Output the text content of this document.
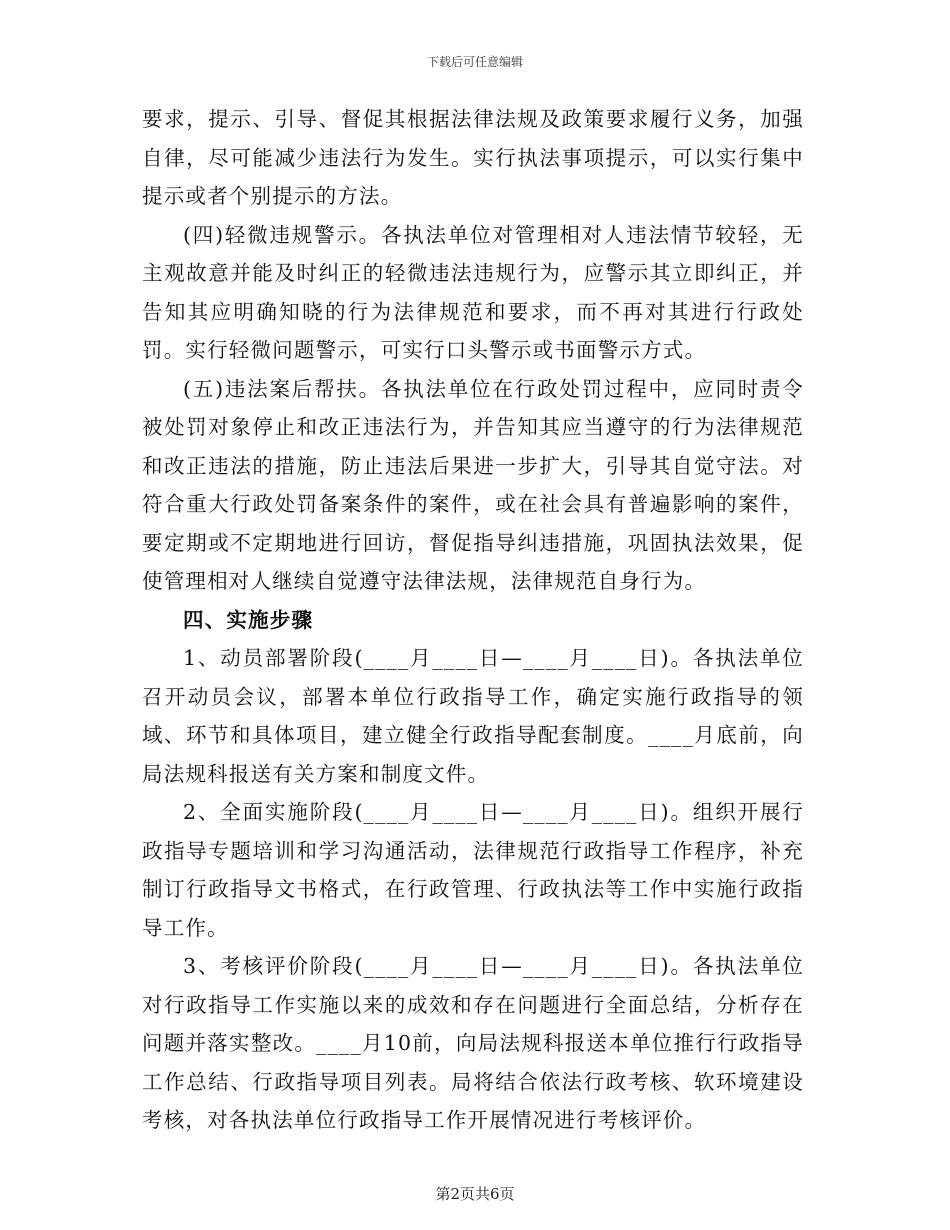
下载后可任意编辑

要求，提示、引导、督促其根据法律法规及政策要求履行义务，加强自律，尽可能减少违法行为发生。实行执法事项提示，可以实行集中提示或者个别提示的方法。

(四)轻微违规警示。各执法单位对管理相对人违法情节较轻，无主观故意并能及时纠正的轻微违法违规行为，应警示其立即纠正，并告知其应明确知晓的行为法律规范和要求，而不再对其进行行政处罚。实行轻微问题警示，可实行口头警示或书面警示方式。

(五)违法案后帮扶。各执法单位在行政处罚过程中，应同时责令被处罚对象停止和改正违法行为，并告知其应当遵守的行为法律规范和改正违法的措施，防止违法后果进一步扩大，引导其自觉守法。对符合重大行政处罚备案条件的案件，或在社会具有普遍影响的案件，要定期或不定期地进行回访，督促指导纠违措施，巩固执法效果，促使管理相对人继续自觉遵守法律法规，法律规范自身行为。

四、实施步骤

1、动员部署阶段(____月____日—____月____日)。各执法单位召开动员会议，部署本单位行政指导工作，确定实施行政指导的领域、环节和具体项目，建立健全行政指导配套制度。____月底前，向局法规科报送有关方案和制度文件。

2、全面实施阶段(____月____日—____月____日)。组织开展行政指导专题培训和学习沟通活动，法律规范行政指导工作程序，补充制订行政指导文书格式，在行政管理、行政执法等工作中实施行政指导工作。

3、考核评价阶段(____月____日—____月____日)。各执法单位对行政指导工作实施以来的成效和存在问题进行全面总结，分析存在问题并落实整改。____月10前，向局法规科报送本单位推行行政指导工作总结、行政指导项目列表。局将结合依法行政考核、软环境建设考核，对各执法单位行政指导工作开展情况进行考核评价。

第2页共6页
